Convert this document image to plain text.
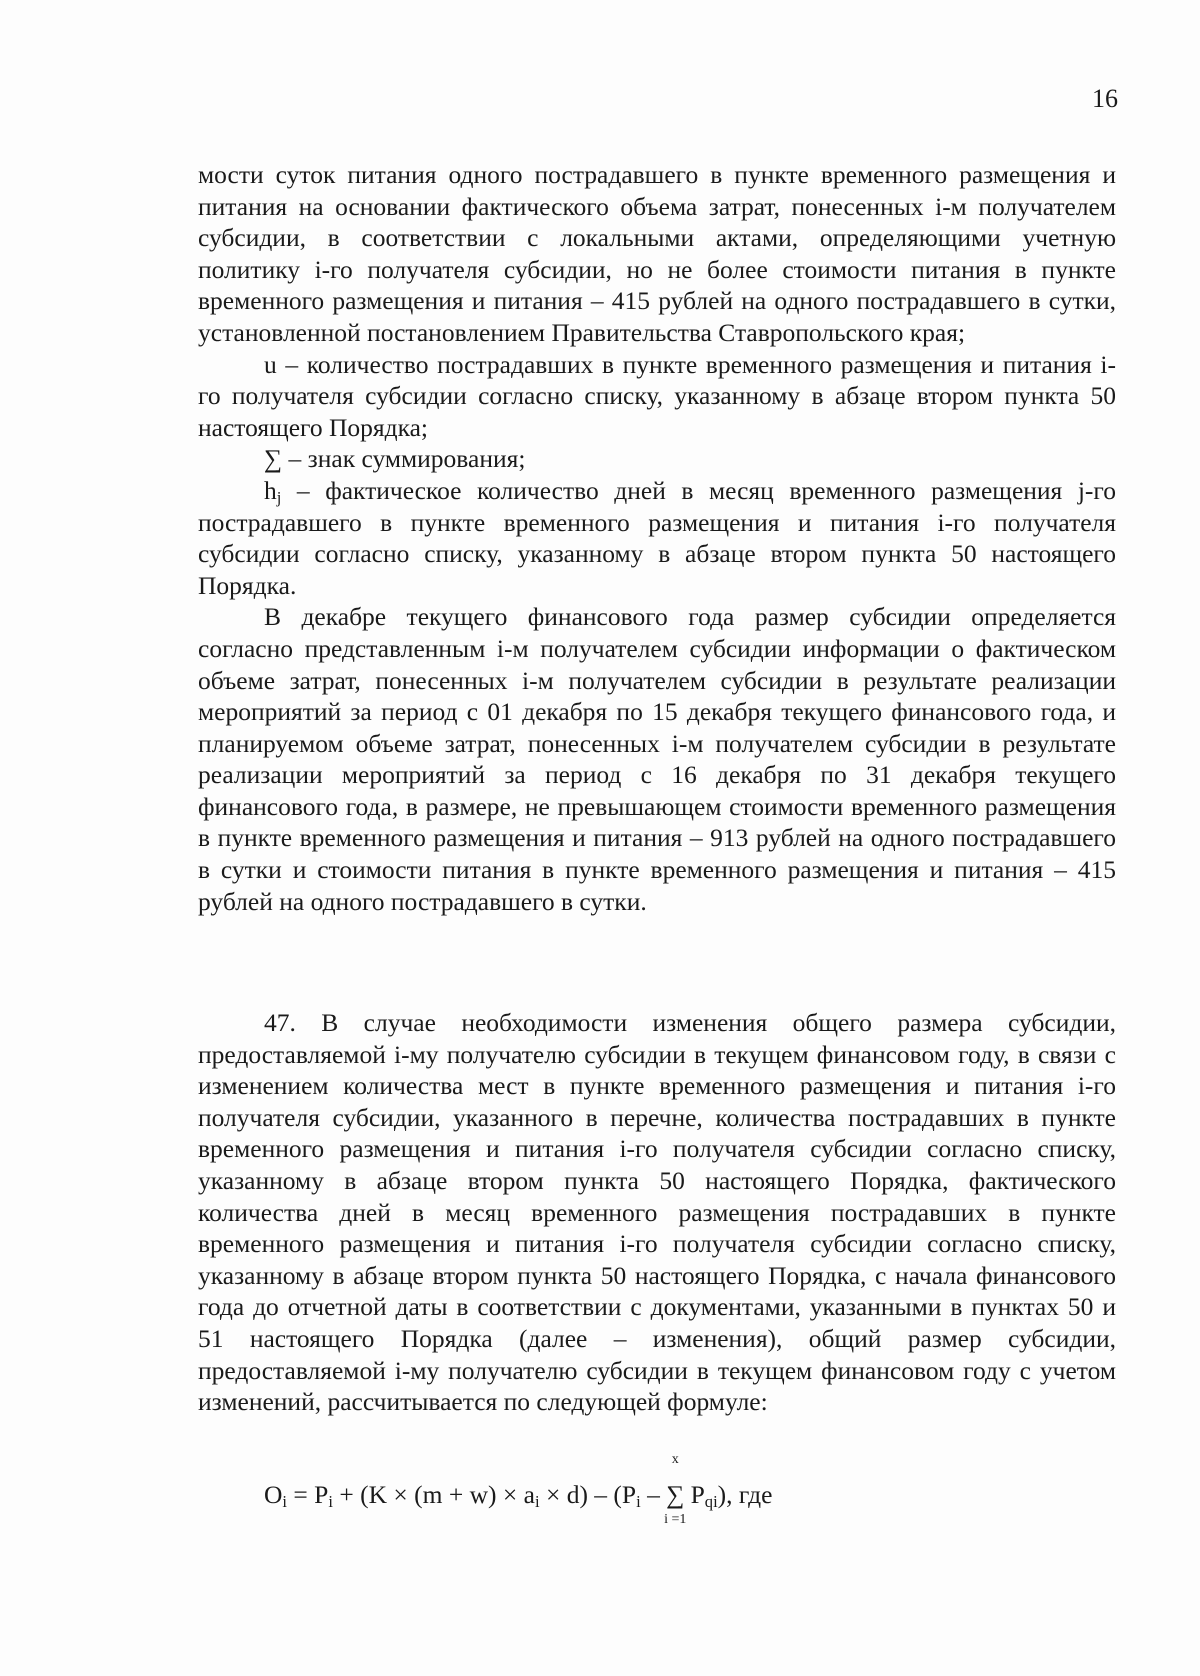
16

мости суток питания одного пострадавшего в пункте временного размещения и питания на основании фактического объема затрат, понесенных i-м получателем субсидии, в соответствии с локальными актами, определяющими учетную политику i-го получателя субсидии, но не более стоимости питания в пункте временного размещения и питания – 415 рублей на одного пострадавшего в сутки, установленной постановлением Правительства Ставропольского края;

u – количество пострадавших в пункте временного размещения и питания i-го получателя субсидии согласно списку, указанному в абзаце втором пункта 50 настоящего Порядка;

∑ – знак суммирования;

$h_j$ – фактическое количество дней в месяц временного размещения j-го пострадавшего в пункте временного размещения и питания i-го получателя субсидии согласно списку, указанному в абзаце втором пункта 50 настоящего Порядка.

В декабре текущего финансового года размер субсидии определяется согласно представленным i-м получателем субсидии информации о фактическом объеме затрат, понесенных i-м получателем субсидии в результате реализации мероприятий за период с 01 декабря по 15 декабря текущего финансового года, и планируемом объеме затрат, понесенных i-м получателем субсидии в результате реализации мероприятий за период с 16 декабря по 31 декабря текущего финансового года, в размере, не превышающем стоимости временного размещения в пункте временного размещения и питания – 913 рублей на одного пострадавшего в сутки и стоимости питания в пункте временного размещения и питания – 415 рублей на одного пострадавшего в сутки.

47. В случае необходимости изменения общего размера субсидии, предоставляемой i-му получателю субсидии в текущем финансовом году, в связи с изменением количества мест в пункте временного размещения и питания i-го получателя субсидии, указанного в перечне, количества пострадавших в пункте временного размещения и питания i-го получателя субсидии согласно списку, указанному в абзаце втором пункта 50 настоящего Порядка, фактического количества дней в месяц временного размещения пострадавших в пункте временного размещения и питания i-го получателя субсидии согласно списку, указанному в абзаце втором пункта 50 настоящего Порядка, с начала финансового года до отчетной даты в соответствии с документами, указанными в пунктах 50 и 51 настоящего Порядка (далее – изменения), общий размер субсидии, предоставляемой i-му получателю субсидии в текущем финансовом году с учетом изменений, рассчитывается по следующей формуле:

$O_i = P_i + (K \times (m + w) \times a_i \times d) - (P_i$ –
x
∑
i =1
$P_{qi}$), где
